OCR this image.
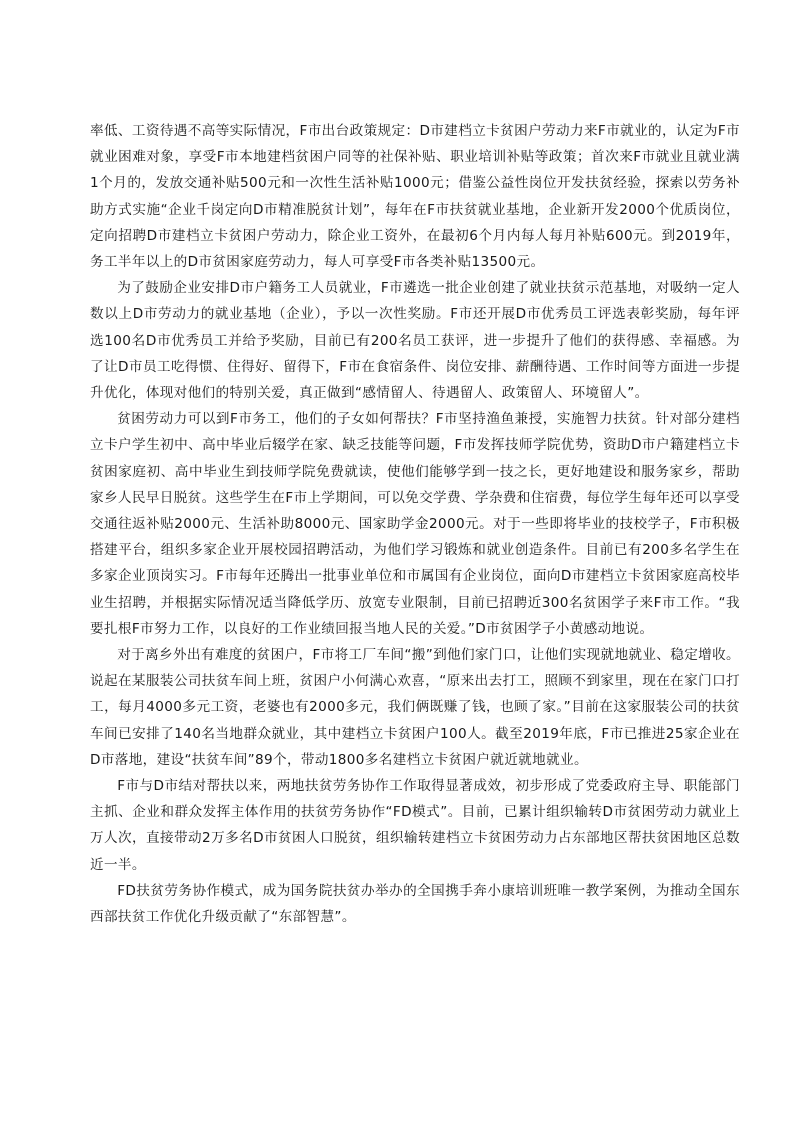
率低、工资待遇不高等实际情况，F市出台政策规定：D市建档立卡贫困户劳动力来F市就业的，认定为F市就业困难对象，享受F市本地建档贫困户同等的社保补贴、职业培训补贴等政策；首次来F市就业且就业满1个月的，发放交通补贴500元和一次性生活补贴1000元；借鉴公益性岗位开发扶贫经验，探索以劳务补助方式实施“企业千岗定向D市精准脱贫计划”，每年在F市扶贫就业基地，企业新开发2000个优质岗位，定向招聘D市建档立卡贫困户劳动力，除企业工资外，在最初6个月内每人每月补贴600元。到2019年，务工半年以上的D市贫困家庭劳动力，每人可享受F市各类补贴13500元。

为了鼓励企业安排D市户籍务工人员就业，F市遴选一批企业创建了就业扶贫示范基地，对吸纳一定人数以上D市劳动力的就业基地（企业），予以一次性奖励。F市还开展D市优秀员工评选表彰奖励，每年评选100名D市优秀员工并给予奖励，目前已有200名员工获评，进一步提升了他们的获得感、幸福感。为了让D市员工吃得惯、住得好、留得下，F市在食宿条件、岗位安排、薪酬待遇、工作时间等方面进一步提升优化，体现对他们的特别关爱，真正做到“感情留人、待遇留人、政策留人、环境留人”。

贫困劳动力可以到F市务工，他们的子女如何帮扶？F市坚持渔鱼兼授，实施智力扶贫。针对部分建档立卡户学生初中、高中毕业后辍学在家、缺乏技能等问题，F市发挥技师学院优势，资助D市户籍建档立卡贫困家庭初、高中毕业生到技师学院免费就读，使他们能够学到一技之长，更好地建设和服务家乡，帮助家乡人民早日脱贫。这些学生在F市上学期间，可以免交学费、学杂费和住宿费，每位学生每年还可以享受交通往返补贴2000元、生活补助8000元、国家助学金2000元。对于一些即将毕业的技校学子，F市积极搭建平台，组织多家企业开展校园招聘活动，为他们学习锻炼和就业创造条件。目前已有200多名学生在多家企业顶岗实习。F市每年还腾出一批事业单位和市属国有企业岗位，面向D市建档立卡贫困家庭高校毕业生招聘，并根据实际情况适当降低学历、放宽专业限制，目前已招聘近300名贫困学子来F市工作。“我要扎根F市努力工作，以良好的工作业绩回报当地人民的关爱。”D市贫困学子小黄感动地说。

对于离乡外出有难度的贫困户，F市将工厂车间“搬”到他们家门口，让他们实现就地就业、稳定增收。说起在某服装公司扶贫车间上班，贫困户小何满心欢喜，“原来出去打工，照顾不到家里，现在在家门口打工，每月4000多元工资，老婆也有2000多元，我们俩既赚了钱，也顾了家。”目前在这家服装公司的扶贫车间已安排了140名当地群众就业，其中建档立卡贫困户100人。截至2019年底，F市已推进25家企业在D市落地，建设“扶贫车间”89个，带动1800多名建档立卡贫困户就近就地就业。

F市与D市结对帮扶以来，两地扶贫劳务协作工作取得显著成效，初步形成了党委政府主导、职能部门主抓、企业和群众发挥主体作用的扶贫劳务协作“FD模式”。目前，已累计组织输转D市贫困劳动力就业上万人次，直接带动2万多名D市贫困人口脱贫，组织输转建档立卡贫困劳动力占东部地区帮扶贫困地区总数近一半。

FD扶贫劳务协作模式，成为国务院扶贫办举办的全国携手奔小康培训班唯一教学案例，为推动全国东西部扶贫工作优化升级贡献了“东部智慧”。
